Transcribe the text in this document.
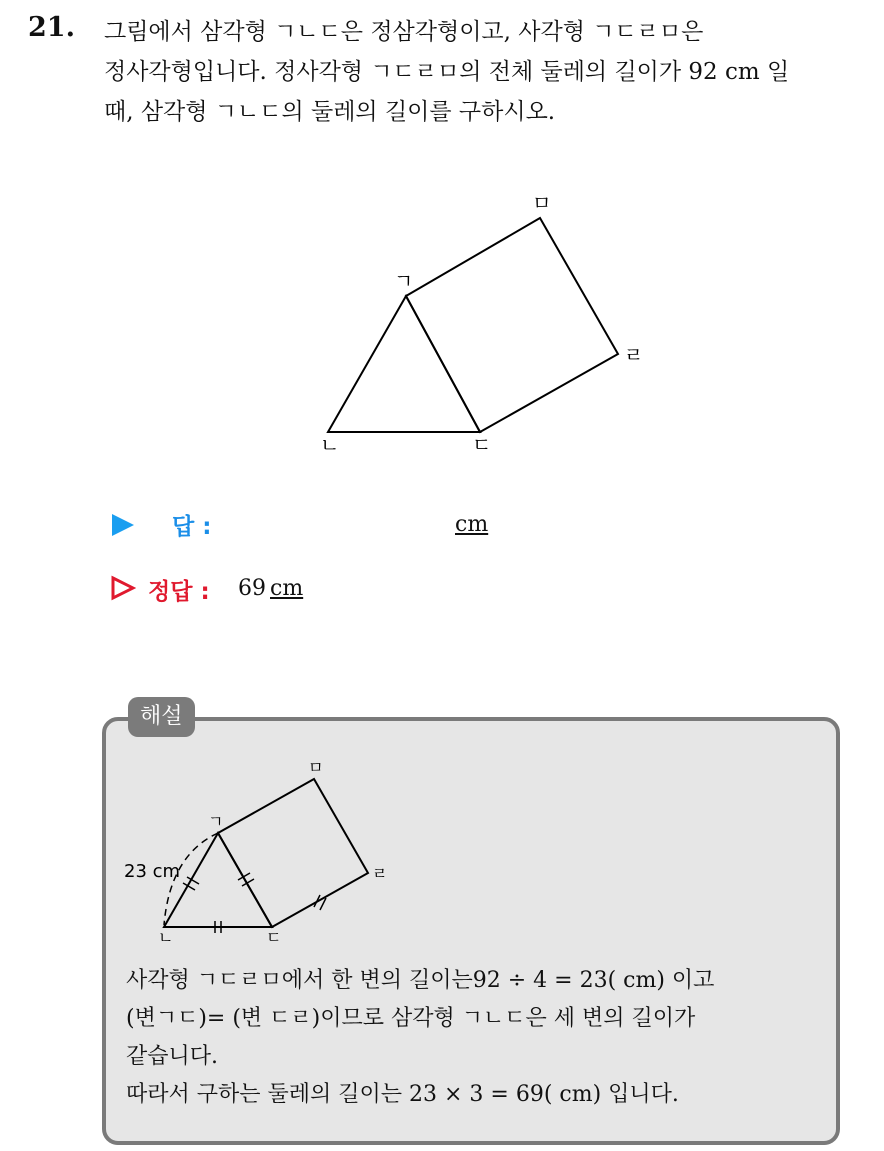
21. 그림에서 삼각형 ㄱㄴㄷ은 정삼각형이고, 사각형 ㄱㄷㄹㅁ은
정사각형입니다. 정사각형 ㄱㄷㄹㅁ의 전체 둘레의 길이가 92 cm 일
때, 삼각형 ㄱㄴㄷ의 둘레의 길이를 구하시오.
ㄱ
ㄴ	ㄷ
ㄹ
ㅁ
답 :	cm
정답 : 69 cm
해설
23 cm
ㄱ
ㄴ	ㄷ
ㄹ
ㅁ
사각형 ㄱㄷㄹㅁ에서 한 변의 길이는92 ÷ 4 = 23( cm) 이고
(변ㄱㄷ)= (변 ㄷㄹ)이므로 삼각형 ㄱㄴㄷ은 세 변의 길이가
같습니다.
따라서 구하는 둘레의 길이는 23 × 3 = 69( cm) 입니다.
